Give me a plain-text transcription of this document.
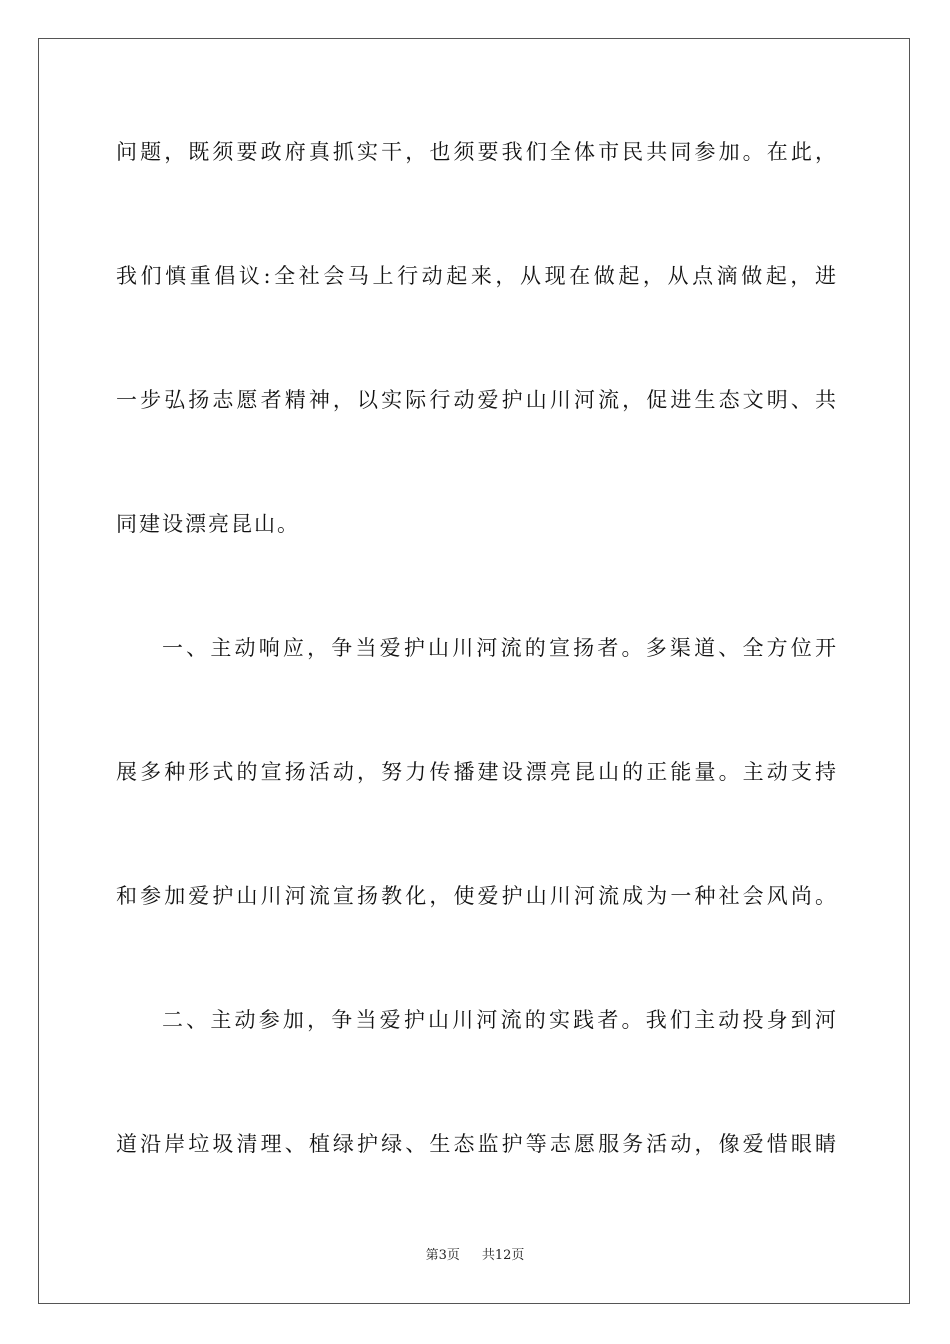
问题，既须要政府真抓实干，也须要我们全体市民共同参加。在此，
我们慎重倡议:全社会马上行动起来，从现在做起，从点滴做起，进
一步弘扬志愿者精神，以实际行动爱护山川河流，促进生态文明、共
同建设漂亮昆山。
一、主动响应，争当爱护山川河流的宣扬者。多渠道、全方位开
展多种形式的宣扬活动，努力传播建设漂亮昆山的正能量。主动支持
和参加爱护山川河流宣扬教化，使爱护山川河流成为一种社会风尚。
二、主动参加，争当爱护山川河流的实践者。我们主动投身到河
道沿岸垃圾清理、植绿护绿、生态监护等志愿服务活动，像爱惜眼睛
第3页 共12页
